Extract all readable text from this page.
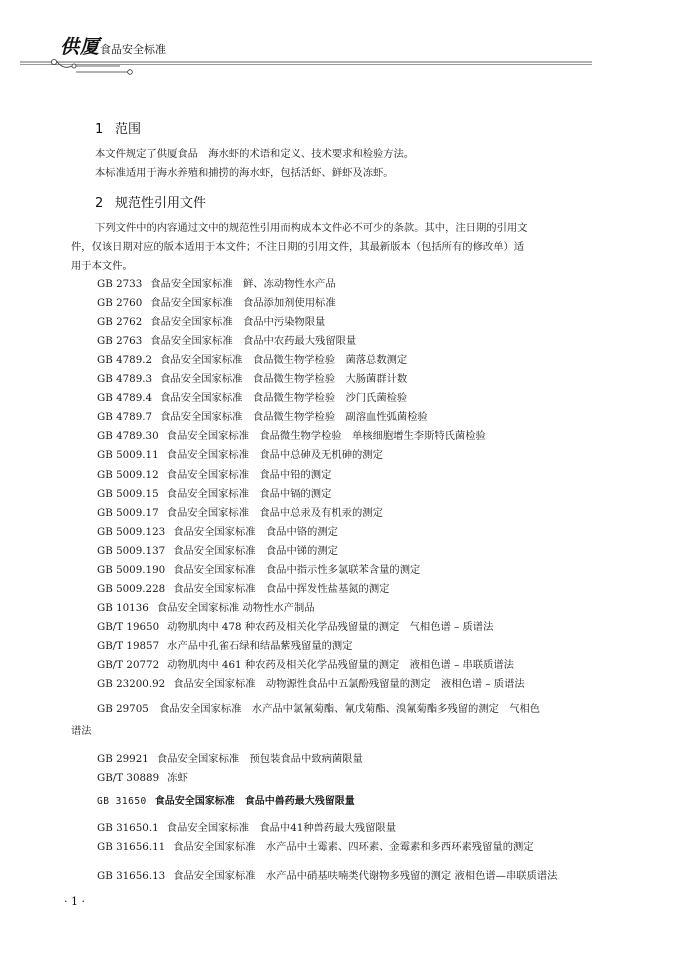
供厦 食品安全标准
1 范围
本文件规定了供厦食品　海水虾的术语和定义、技术要求和检验方法。
本标准适用于海水养殖和捕捞的海水虾，包括活虾、鲜虾及冻虾。
2 规范性引用文件
下列文件中的内容通过文中的规范性引用而构成本文件必不可少的条款。其中，注日期的引用文
件，仅该日期对应的版本适用于本文件；不注日期的引用文件，其最新版本（包括所有的修改单）适
用于本文件。
GB 2733 食品安全国家标准　鲜、冻动物性水产品
GB 2760 食品安全国家标准　食品添加剂使用标准
GB 2762 食品安全国家标准　食品中污染物限量
GB 2763 食品安全国家标准　食品中农药最大残留限量
GB 4789.2 食品安全国家标准　食品微生物学检验　菌落总数测定
GB 4789.3 食品安全国家标准　食品微生物学检验　大肠菌群计数
GB 4789.4 食品安全国家标准　食品微生物学检验　沙门氏菌检验
GB 4789.7 食品安全国家标准　食品微生物学检验　副溶血性弧菌检验
GB 4789.30 食品安全国家标准　食品微生物学检验　单核细胞增生李斯特氏菌检验
GB 5009.11 食品安全国家标准　食品中总砷及无机砷的测定
GB 5009.12 食品安全国家标准　食品中铅的测定
GB 5009.15 食品安全国家标准　食品中镉的测定
GB 5009.17 食品安全国家标准　食品中总汞及有机汞的测定
GB 5009.123 食品安全国家标准　食品中铬的测定
GB 5009.137 食品安全国家标准　食品中锑的测定
GB 5009.190 食品安全国家标准　食品中指示性多氯联苯含量的测定
GB 5009.228 食品安全国家标准　食品中挥发性盐基氮的测定
GB 10136 食品安全国家标准 动物性水产制品
GB/T 19650 动物肌肉中 478 种农药及相关化学品残留量的测定　气相色谱 – 质谱法
GB/T 19857 水产品中孔雀石绿和结晶紫残留量的测定
GB/T 20772 动物肌肉中 461 种农药及相关化学品残留量的测定　液相色谱 – 串联质谱法
GB 23200.92 食品安全国家标准　动物源性食品中五氯酚残留量的测定　液相色谱 – 质谱法
GB 29705　食品安全国家标准　水产品中氯氰菊酯、氰戊菊酯、溴氰菊酯多残留的测定　气相色
谱法
GB 29921 食品安全国家标准　预包装食品中致病菌限量
GB/T 30889 冻虾
GB 31650 食品安全国家标准　食品中兽药最大残留限量
GB 31650.1 食品安全国家标准　食品中41种兽药最大残留限量
GB 31656.11 食品安全国家标准　水产品中土霉素、四环素、金霉素和多西环素残留量的测定
GB 31656.13 食品安全国家标准　水产品中硝基呋喃类代谢物多残留的测定 液相色谱—串联质谱法
· 1 ·
